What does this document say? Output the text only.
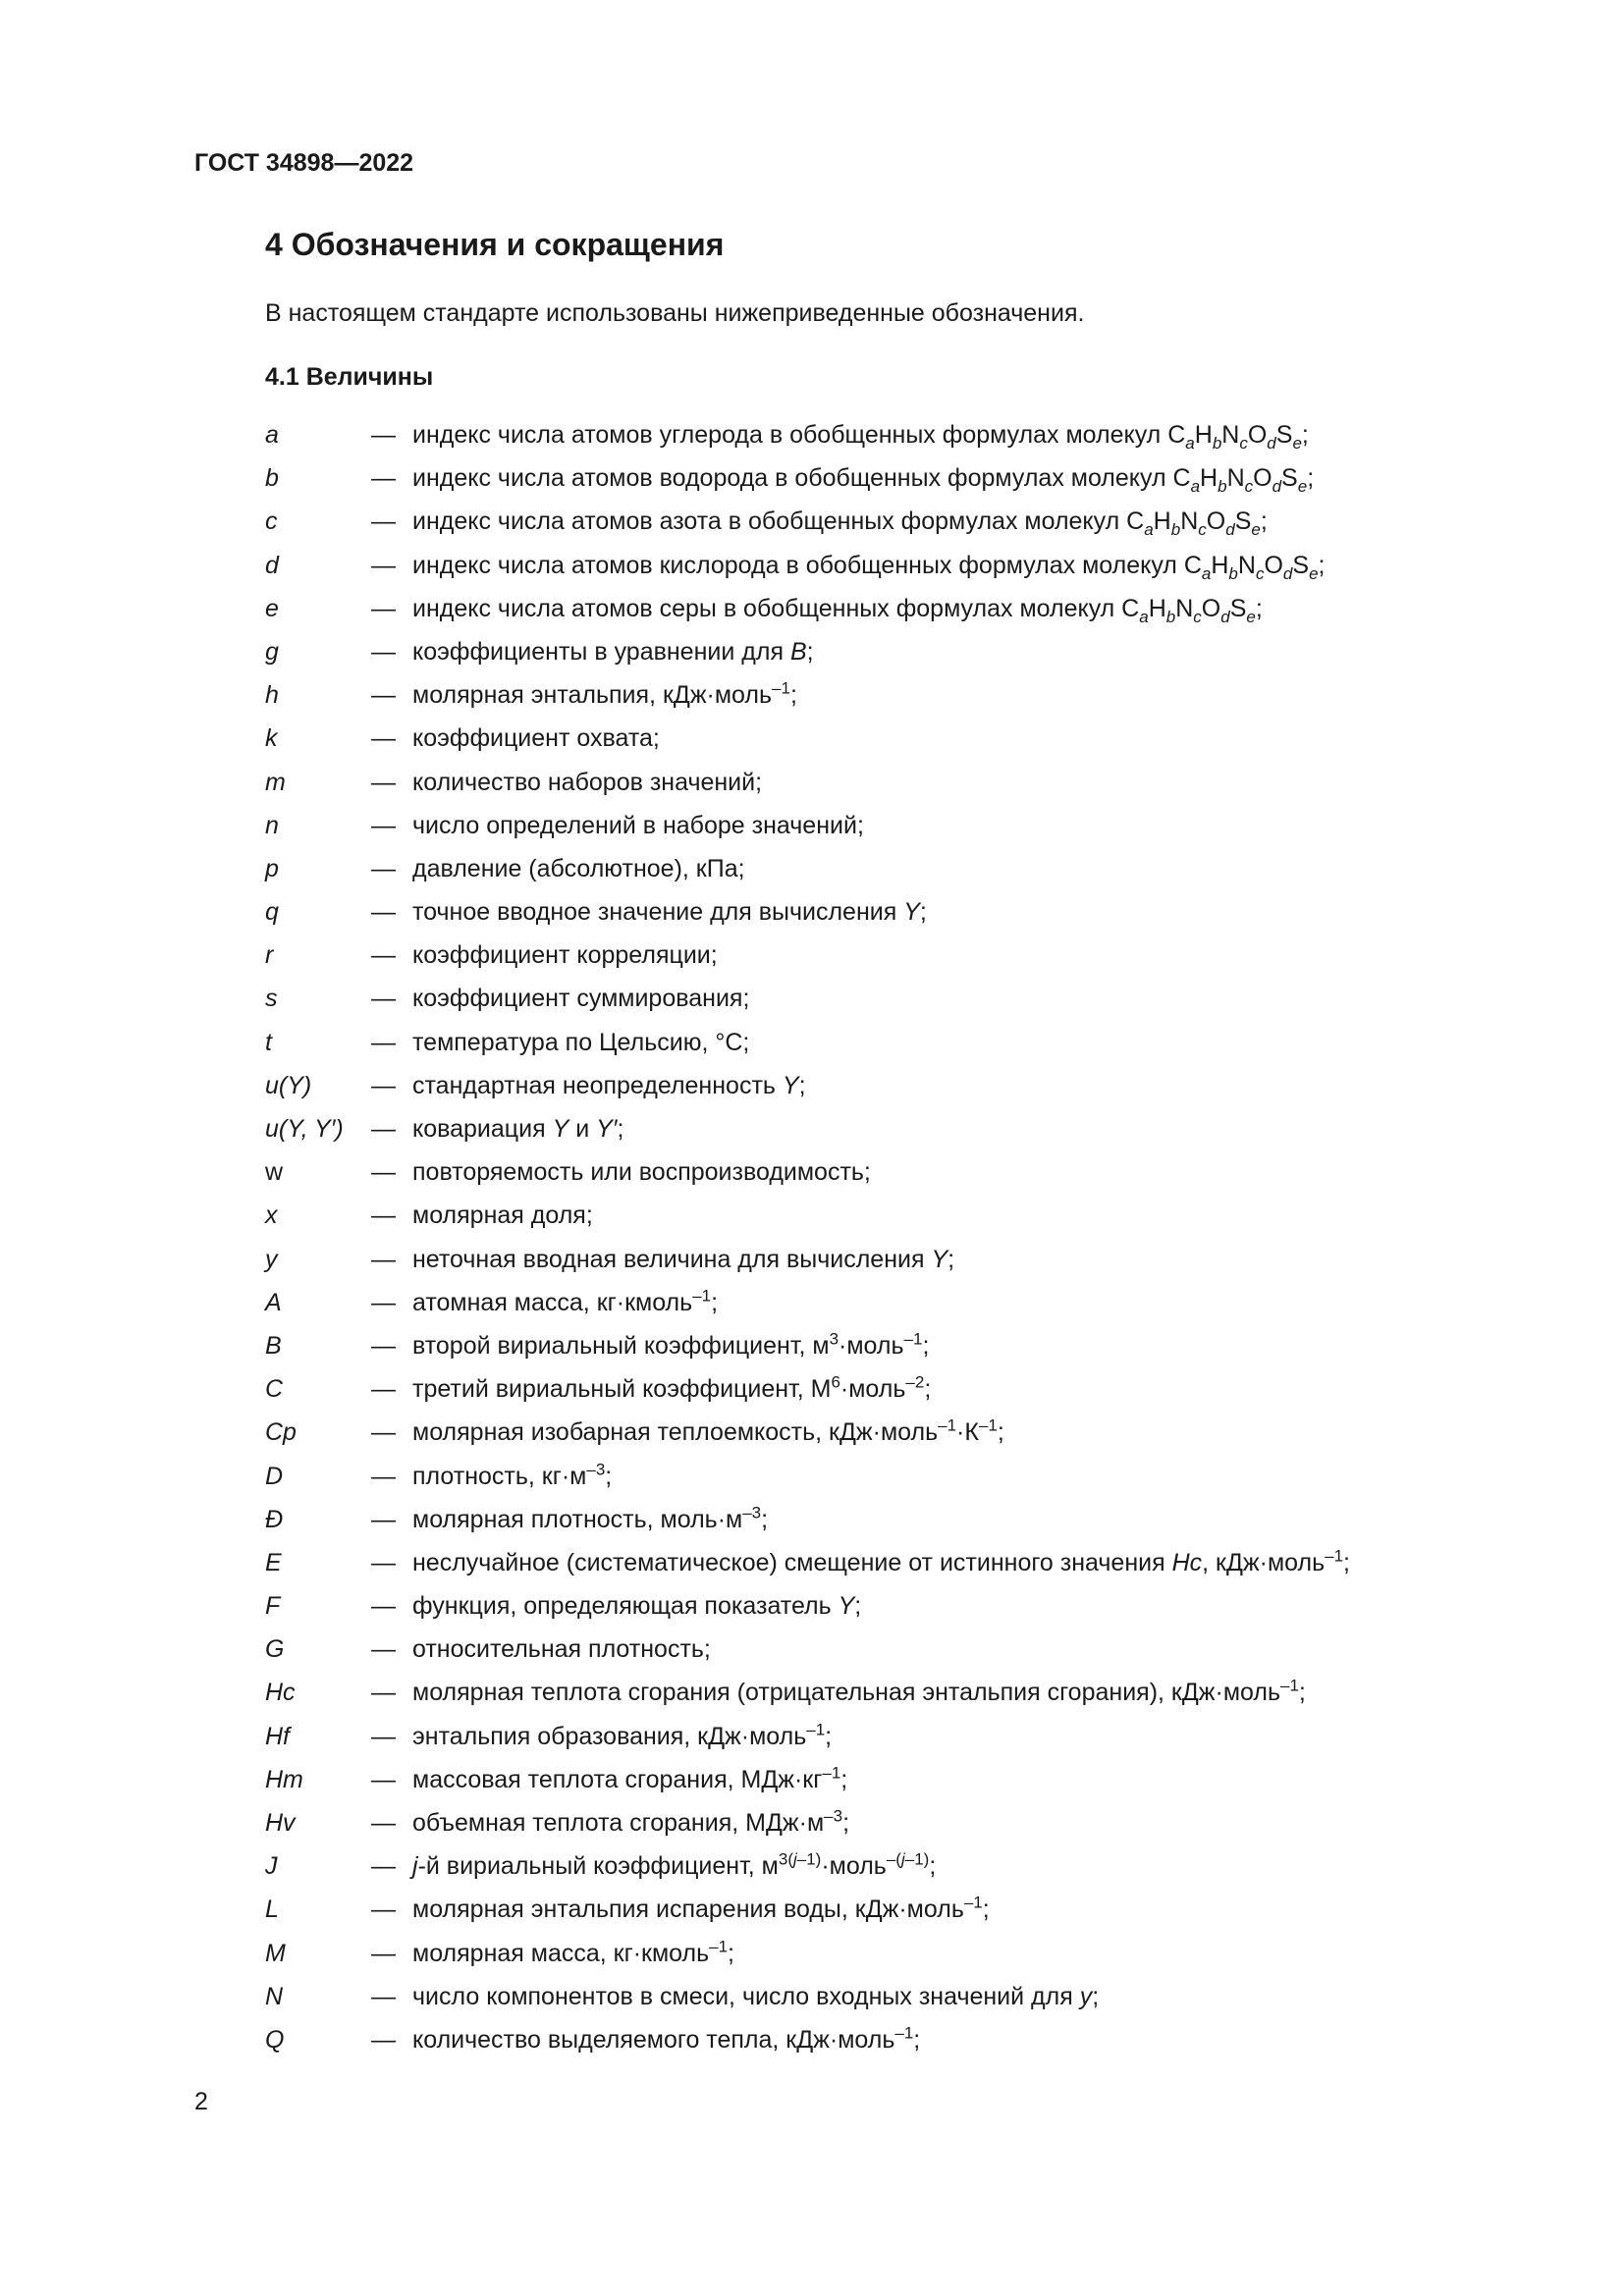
ГОСТ 34898—2022
4 Обозначения и сокращения
В настоящем стандарте использованы нижеприведенные обозначения.
4.1 Величины
a	— индекс числа атомов углерода в обобщенных формулах молекул $C_aH_bN_cO_dS_e$;
b	— индекс числа атомов водорода в обобщенных формулах молекул $C_aH_bN_cO_dS_e$;
c	— индекс числа атомов азота в обобщенных формулах молекул $C_aH_bN_cO_dS_e$;
d	— индекс числа атомов кислорода в обобщенных формулах молекул $C_aH_bN_cO_dS_e$;
e	— индекс числа атомов серы в обобщенных формулах молекул $C_aH_bN_cO_dS_e$;
g	— коэффициенты в уравнении для B;
h	— молярная энтальпия, кДж·моль$^{-1}$;
k	— коэффициент охвата;
m	— количество наборов значений;
n	— число определений в наборе значений;
p	— давление (абсолютное), кПа;
q	— точное вводное значение для вычисления Y;
r	— коэффициент корреляции;
s	— коэффициент суммирования;
t	— температура по Цельсию, °С;
u(Y)	— стандартная неопределенность Y;
u(Y, Y′)	— ковариация Y и Y′;
w	— повторяемость или воспроизводимость;
x	— молярная доля;
y	— неточная вводная величина для вычисления Y;
A	— атомная масса, кг·кмоль$^{-1}$;
B	— второй вириальный коэффициент, $м^3\cdot моль^{-1}$;
C	— третий вириальный коэффициент, $М^6\cdot моль^{-2}$;
Cp	— молярная изобарная теплоемкость, $кДж\cdot моль^{-1}\cdot К^{-1}$;
D	— плотность, $кг\cdot м^{-3}$;
Đ	— молярная плотность, $моль\cdot м^{-3}$;
E	— неслучайное (систематическое) смещение от истинного значения Hc, кДж·моль$^{-1}$;
F	— функция, определяющая показатель Y;
G	— относительная плотность;
Hc	— молярная теплота сгорания (отрицательная энтальпия сгорания), кДж·моль$^{-1}$;
Hf	— энтальпия образования, кДж·моль$^{-1}$;
Hm	— массовая теплота сгорания, $МДж\cdot кг^{-1}$;
Hv	— объемная теплота сгорания, $МДж\cdot м^{-3}$;
J	— j-й вириальный коэффициент, $м^{3(j-1)}\cdot моль^{-(j-1)}$;
L	— молярная энтальпия испарения воды, кДж·моль$^{-1}$;
M	— молярная масса, кг·кмоль$^{-1}$;
N	— число компонентов в смеси, число входных значений для y;
Q	— количество выделяемого тепла, кДж·моль$^{-1}$;
2
